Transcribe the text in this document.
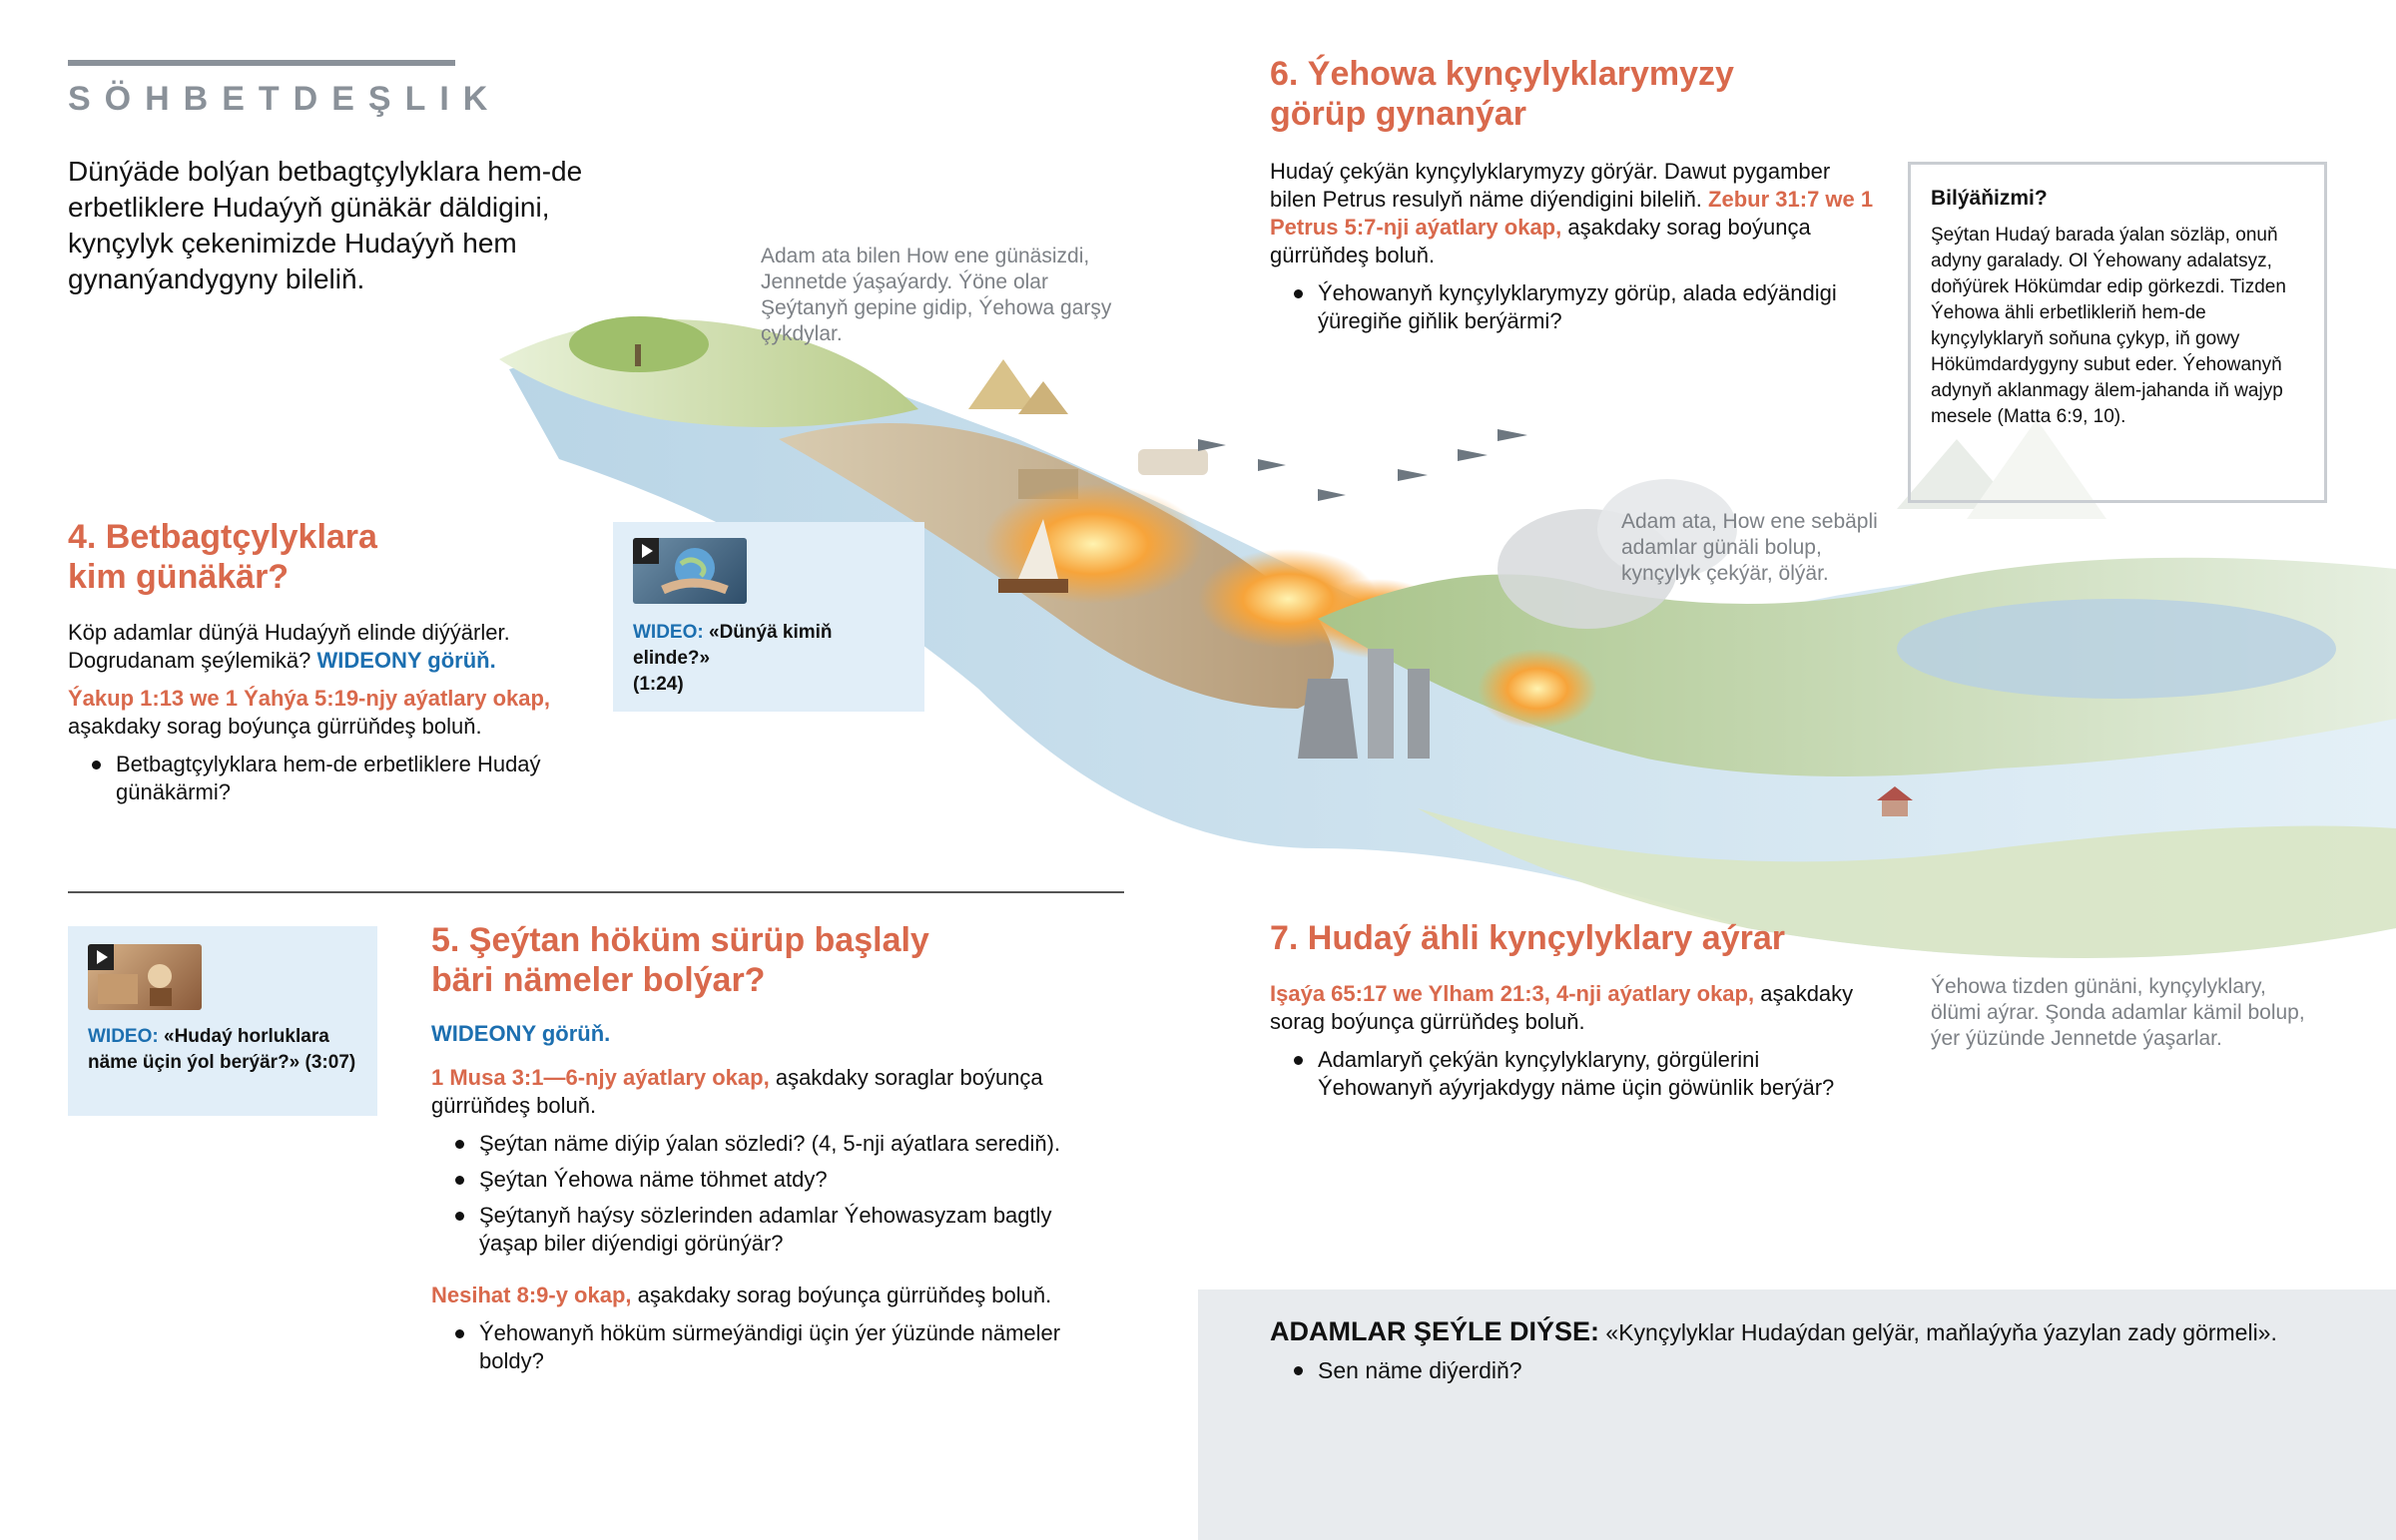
SÖHBETDEŞLIK
Dünýäde bolýan betbagtçylyklara hem-de erbetliklere Hudaýyň günäkär däldigini, kynçylyk çekenimizde Hudaýyň hem gynanýandygyny bileliň.
Adam ata bilen How ene günäsizdi, Jennetde ýaşaýardy. Ýöne olar Şeýtanyň gepine gidip, Ýehowa garşy çykdylar.
Adam ata, How ene sebäpli adamlar günäli bolup, kynçylyk çekýär, ölýär.
Ýehowa tizden günäni, kynçylyklary, ölümi aýrar. Şonda adamlar kämil bolup, ýer ýüzünde Jennetde ýaşarlar.
4. Betbagtçylyklara
kim günäkär?

Köp adamlar dünýä Hudaýyň elinde diýýärler. Dogrudanam şeýlemikä? WIDEONY görüň.

Ýakup 1:13 we 1 Ýahýa 5:19-njy aýatlary okap, aşakdaky sorag boýunça gürrüňdeş boluň.

Betbagtçylyklara hem-de erbetliklere Hudaý günäkärmi?
WIDEO: «Dünýä kimiň elinde?»
(1:24)
WIDEO: «Hudaý horluklara näme üçin ýol berýär?» (3:07)
5. Şeýtan höküm sürüp başlaly
bäri nämeler bolýar?

WIDEONY görüň.

1 Musa 3:1—6-njy aýatlary okap, aşakdaky soraglar boýunça gürrüňdeş boluň.

Şeýtan näme diýip ýalan sözledi? (4, 5-nji aýatlara serediň).
Şeýtan Ýehowa näme töhmet atdy?
Şeýtanyň haýsy sözlerinden adamlar Ýehowasyzam bagtly ýaşap biler diýendigi görünýär?

Nesihat 8:9-y okap, aşakdaky sorag boýunça gürrüňdeş boluň.

Ýehowanyň höküm sürmeýändigi üçin ýer ýüzünde nämeler boldy?
6. Ýehowa kynçylyklarymyzy
görüp gynanýar

Hudaý çekýän kynçylyklarymyzy görýär. Dawut pygamber bilen Petrus resulyň näme diýendigini bileliň. Zebur 31:7 we 1 Petrus 5:7-nji aýatlary okap, aşakdaky sorag boýunça gürrüňdeş boluň.

Ýehowanyň kynçylyklarymyzy görüp, alada edýändigi ýüregiňe giňlik berýärmi?
Bilýäňizmi?
Şeýtan Hudaý barada ýalan sözläp, onuň adyny garalady. Ol Ýehowany adalatsyz, doňýürek Hökümdar edip görkezdi. Tizden Ýehowa ähli erbetlikleriň hem-de kynçylyklaryň soňuna çykyp, iň gowy Hökümdardygyny subut eder. Ýehowanyň adynyň aklanmagy älem-jahanda iň wajyp mesele (Matta 6:9, 10).
7. Hudaý ähli kynçylyklary aýrar

Işaýa 65:17 we Ylham 21:3, 4-nji aýatlary okap, aşakdaky sorag boýunça gürrüňdeş boluň.

Adamlaryň çekýän kynçylyklaryny, görgülerini Ýehowanyň aýyrjakdygy näme üçin göwünlik berýär?

ADAMLAR ŞEÝLE DIÝSE: «Kynçylyklar Hudaýdan gelýär, maňlaýyňa ýazylan zady görmeli».

Sen näme diýerdiň?
